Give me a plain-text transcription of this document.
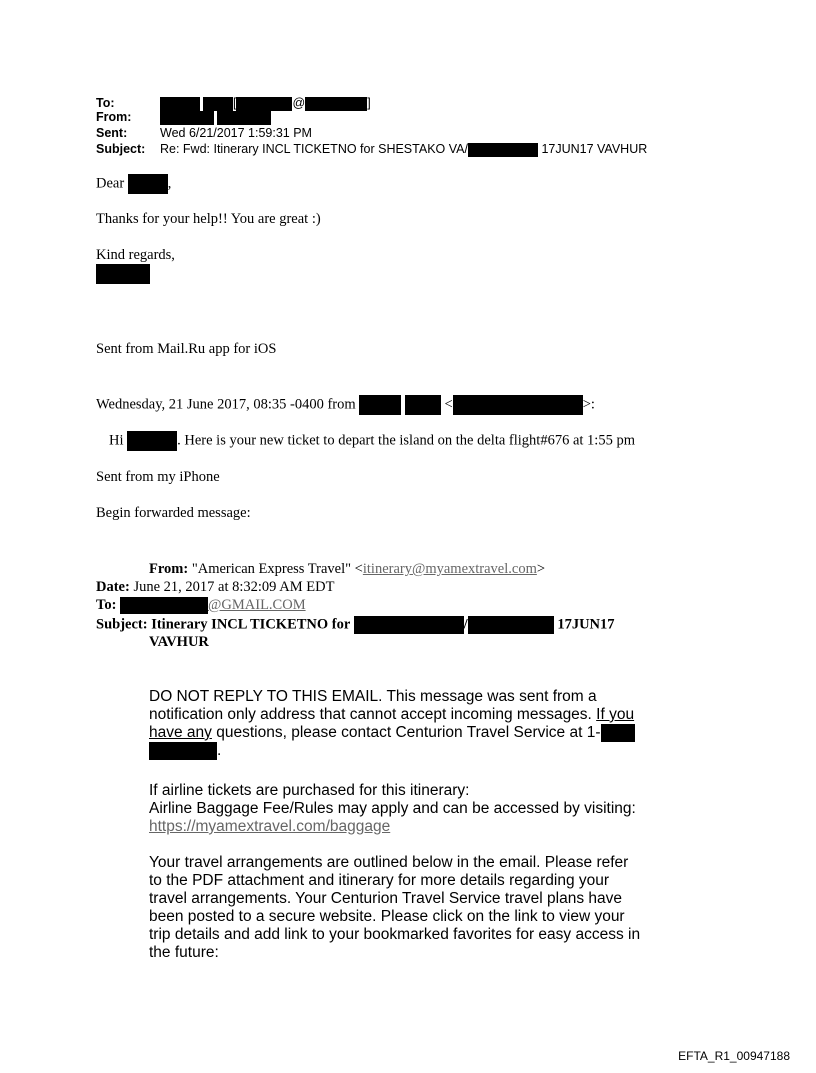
To:	[	@	]
From:
Sent:	Wed 6/21/2017 1:59:31 PM
Subject: Re: Fwd: Itinerary INCL TICKETNO for SHESTAKO VA/	17JUN17 VAVHUR
Dear	,
Thanks for your help!! You are great :)
Kind regards,
Sent from Mail.Ru app for iOS
Wednesday, 21 June 2017, 08:35 -0400 from	<	>:
Hi	. Here is your new ticket to depart the island on the delta flight#676 at 1:55 pm
Sent from my iPhone
Begin forwarded message:
From: "American Express Travel" <itinerary@myamextravel.com>
Date: June 21, 2017 at 8:32:09 AM EDT
To:	@GMAIL.COM
Subject: Itinerary INCL TICKETNO for	/	17JUN17
VAVHUR
DO NOT REPLY TO THIS EMAIL. This message was sent from a
notification only address that cannot accept incoming messages. If you
have any questions, please contact Centurion Travel Service at 1-
.
If airline tickets are purchased for this itinerary:
Airline Baggage Fee/Rules may apply and can be accessed by visiting:
https://myamextravel.com/baggage
Your travel arrangements are outlined below in the email. Please refer
to the PDF attachment and itinerary for more details regarding your
travel arrangements. Your Centurion Travel Service travel plans have
been posted to a secure website. Please click on the link to view your
trip details and add link to your bookmarked favorites for easy access in
the future:
EFTA_R1_00947188
